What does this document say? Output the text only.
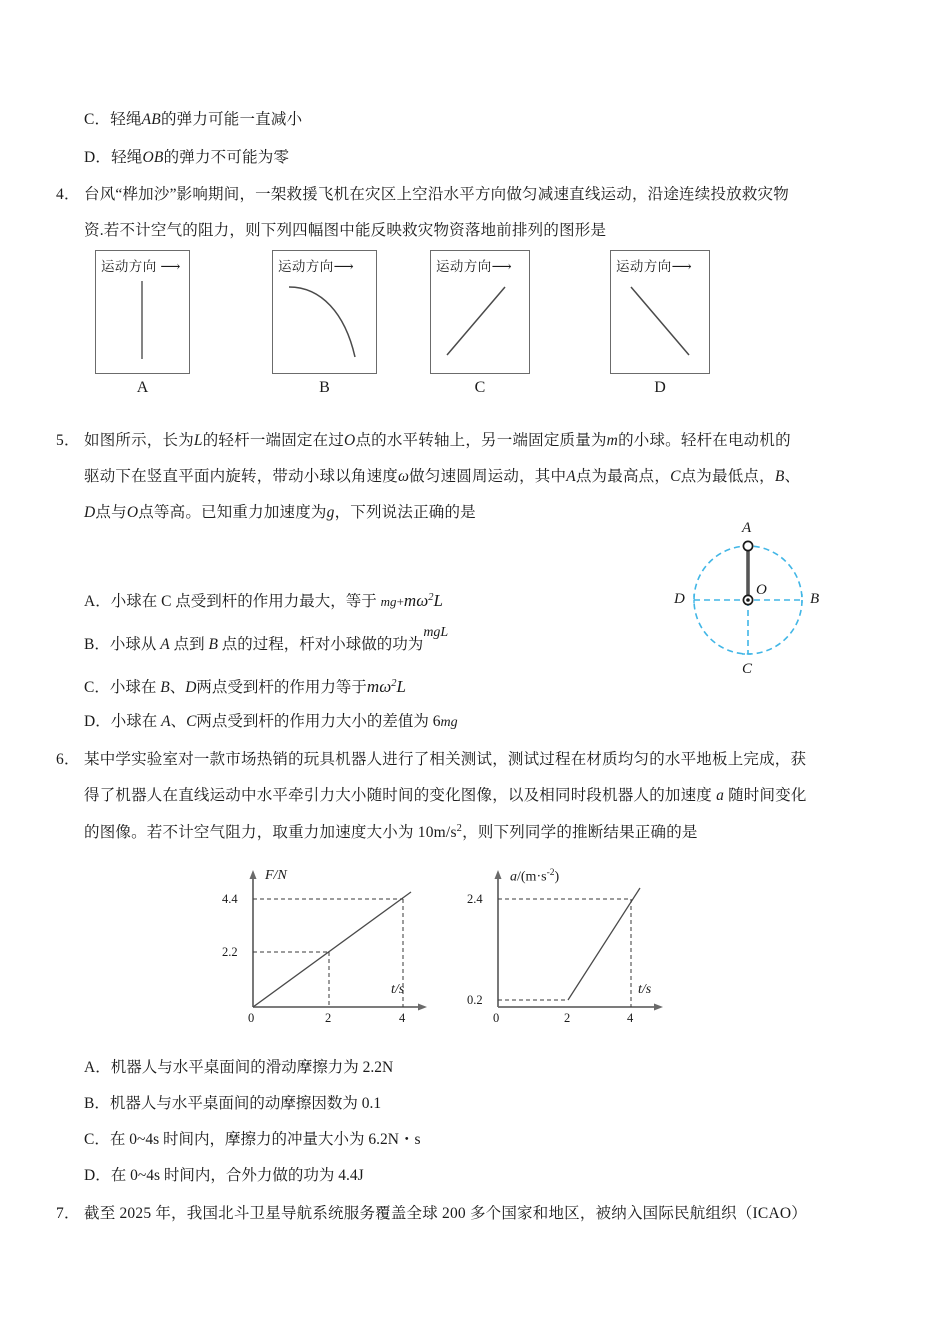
C．轻绳AB的弹力可能一直减小
D．轻绳OB的弹力不可能为零
4． 台风“桦加沙”影响期间，一架救援飞机在灾区上空沿水平方向做匀减速直线运动，沿途连续投放救灾物
资.若不计空气的阻力，则下列四幅图中能反映救灾物资落地前排列的图形是
运动方向 ⟶
A
运动方向⟶
B
运动方向⟶
C
运动方向⟶
D
5． 如图所示，长为L的轻杆一端固定在过O点的水平转轴上，另一端固定质量为m的小球。轻杆在电动机的
驱动下在竖直平面内旋转，带动小球以角速度ω做匀速圆周运动，其中A点为最高点，C点为最低点，B、
D点与O点等高。已知重力加速度为g，下列说法正确的是
A
B
C
D
O
A．小球在 C 点受到杆的作用力最大，等于 $mg+m\omega^2L$
B．小球从 A 点到 B 点的过程，杆对小球做的功为mgL
C．小球在 B、D两点受到杆的作用力等于$m\omega^2L$
D．小球在 A、C两点受到杆的作用力大小的差值为 6mg
6． 某中学实验室对一款市场热销的玩具机器人进行了相关测试，测试过程在材质均匀的水平地板上完成，获
得了机器人在直线运动中水平牵引力大小随时间的变化图像，以及相同时段机器人的加速度 a 随时间变化
的图像。若不计空气阻力，取重力加速度大小为 $10m/s^2$，则下列同学的推断结果正确的是
F/N
t/s
4.4
2.2
0	2	4
$a/(m\cdot s^{-2})$
t/s
2.4
0.2
0	2	4
A．机器人与水平桌面间的滑动摩擦力为 2.2N
B．机器人与水平桌面间的动摩擦因数为 0.1
C．在 0~4s 时间内，摩擦力的冲量大小为 6.2N・s
D．在 0~4s 时间内，合外力做的功为 4.4J
7． 截至 2025 年，我国北斗卫星导航系统服务覆盖全球 200 多个国家和地区，被纳入国际民航组织（ICAO）
